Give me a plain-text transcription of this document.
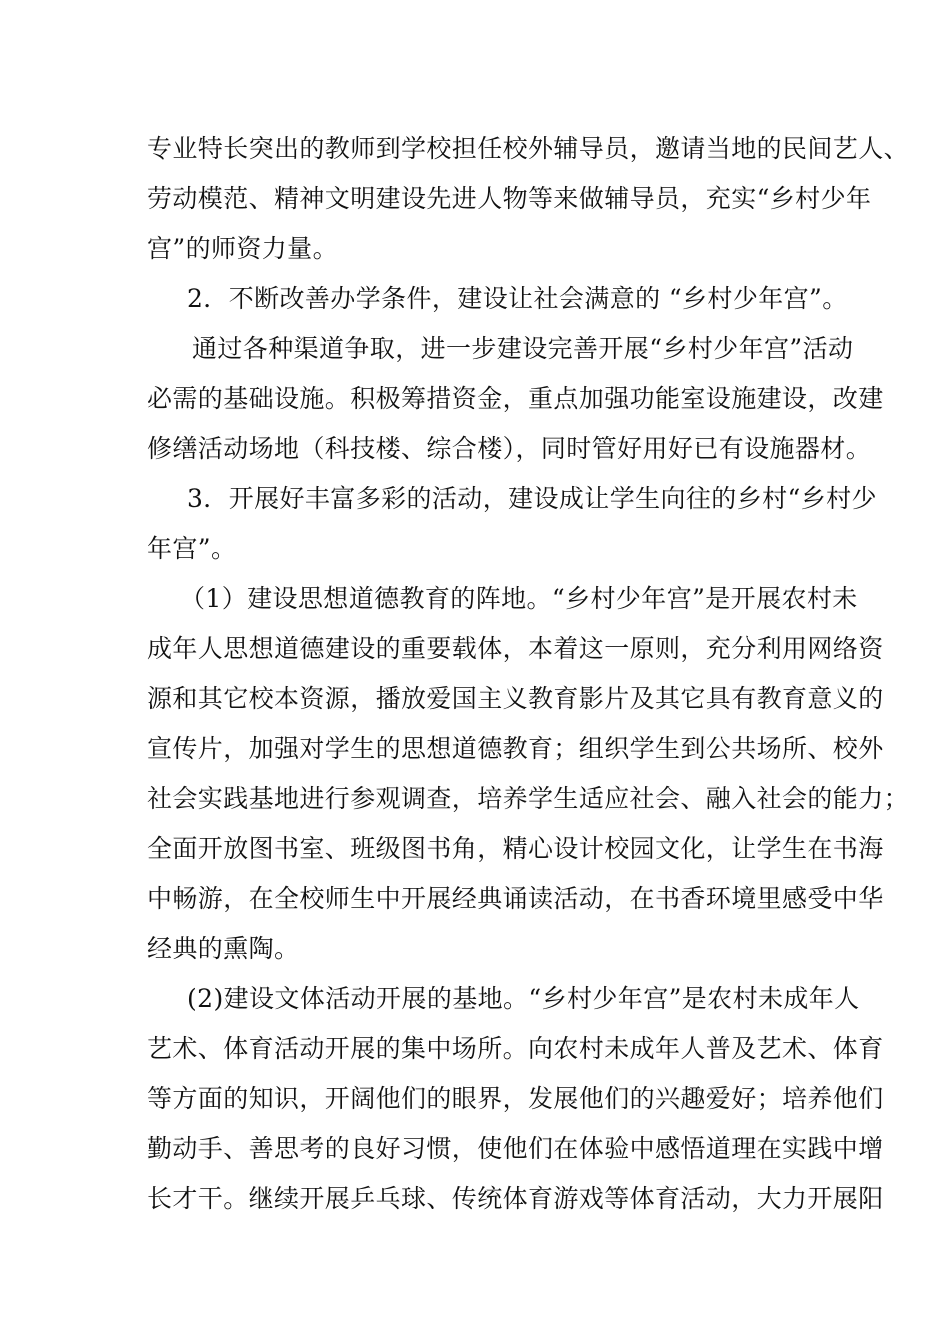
专业特长突出的教师到学校担任校外辅导员，邀请当地的民间艺人、
劳动模范、精神文明建设先进人物等来做辅导员，充实“乡村少年
宫”的师资力量。
2．不断改善办学条件，建设让社会满意的 “乡村少年宫”。
通过各种渠道争取，进一步建设完善开展“乡村少年宫”活动
必需的基础设施。积极筹措资金，重点加强功能室设施建设，改建
修缮活动场地（科技楼、综合楼），同时管好用好已有设施器材。
3．开展好丰富多彩的活动，建设成让学生向往的乡村“乡村少
年宫”。
（1）建设思想道德教育的阵地。“乡村少年宫”是开展农村未
成年人思想道德建设的重要载体，本着这一原则，充分利用网络资
源和其它校本资源，播放爱国主义教育影片及其它具有教育意义的
宣传片，加强对学生的思想道德教育；组织学生到公共场所、校外
社会实践基地进行参观调查，培养学生适应社会、融入社会的能力；
全面开放图书室、班级图书角，精心设计校园文化，让学生在书海
中畅游，在全校师生中开展经典诵读活动，在书香环境里感受中华
经典的熏陶。
(2)建设文体活动开展的基地。“乡村少年宫”是农村未成年人
艺术、体育活动开展的集中场所。向农村未成年人普及艺术、体育
等方面的知识，开阔他们的眼界，发展他们的兴趣爱好；培养他们
勤动手、善思考的良好习惯，使他们在体验中感悟道理在实践中增
长才干。继续开展乒乓球、传统体育游戏等体育活动，大力开展阳
